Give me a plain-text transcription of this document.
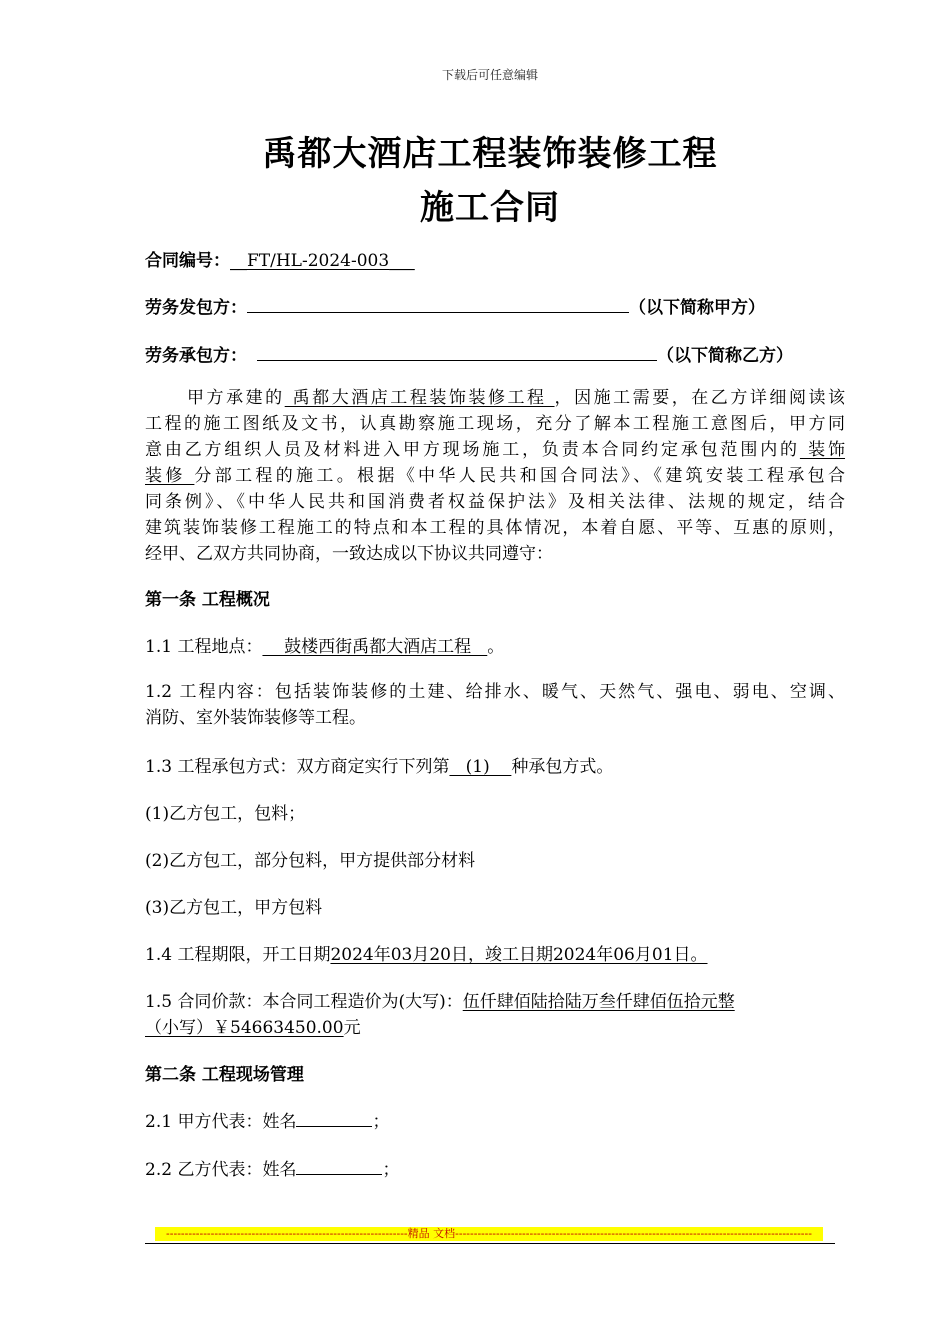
下载后可任意编辑
禹都大酒店工程装饰装修工程
施工合同
合同编号：__FT/HL-2024-003___
劳务发包方：	（以下简称甲方）
劳务承包方：	（以下简称乙方）
甲方承建的 禹都大酒店工程装饰装修工程 ，因施工需要，在乙方详细阅读该
工程的施工图纸及文书，认真勘察施工现场，充分了解本工程施工意图后，甲方同
意由乙方组织人员及材料进入甲方现场施工，负责本合同约定承包范围内的 装饰
装修 分部工程的施工。根据《中华人民共和国合同法》、《建筑安装工程承包合
同条例》、《中华人民共和国消费者权益保护法》及相关法律、法规的规定，结合
建筑装饰装修工程施工的特点和本工程的具体情况，本着自愿、平等、互惠的原则，
经甲、乙双方共同协商，一致达成以下协议共同遵守：
第一条 工程概况
1.1 工程地点：    鼓楼西街禹都大酒店工程   。
1.2 工程内容：包括装饰装修的土建、给排水、暖气、天然气、强电、弱电、空调、
消防、室外装饰装修等工程。
1.3 工程承包方式：双方商定实行下列第   (1)    种承包方式。
(1)乙方包工，包料；
(2)乙方包工，部分包料，甲方提供部分材料
(3)乙方包工，甲方包料
1.4 工程期限，开工日期2024年03月20日，竣工日期2024年06月01日。
1.5 合同价款：本合同工程造价为(大写)：伍仟肆佰陆拾陆万叁仟肆佰伍拾元整
（小写）￥54663450.00元
第二条 工程现场管理
2.1 甲方代表：姓名	；
2.2 乙方代表：姓名	；
-----------------------------------------------------------------精品 文档------------------------------------------------------------------------------------------------
